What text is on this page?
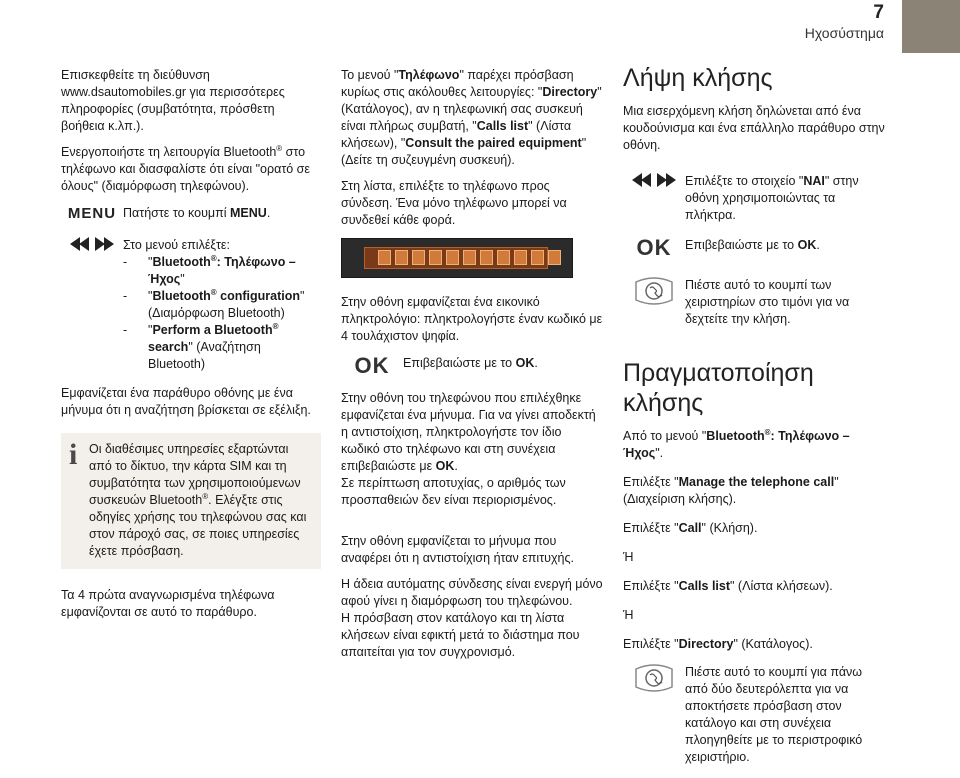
7
Ηχοσύστημα

Επισκεφθείτε τη διεύθυνση www.dsautomobiles.gr για περισσότερες πληροφορίες (συμβατότητα, πρόσθετη βοήθεια κ.λπ.).

Ενεργοποιήστε τη λειτουργία Bluetooth® στο τηλέφωνο και διασφαλίστε ότι είναι "ορατό σε όλους" (διαμόρφωση τηλεφώνου).

MENU Πατήστε το κουμπί MENU.
Στο μενού επιλέξτε:
-	"Bluetooth®: Τηλέφωνο – Ήχος"
-	"Bluetooth® configuration" (Διαμόρφωση Bluetooth)
-	"Perform a Bluetooth® search" (Αναζήτηση Bluetooth)

Εμφανίζεται ένα παράθυρο οθόνης με ένα μήνυμα ότι η αναζήτηση βρίσκεται σε εξέλιξη.

i Οι διαθέσιμες υπηρεσίες εξαρτώνται από το δίκτυο, την κάρτα SIM και τη συμβατότητα των χρησιμοποιούμενων συσκευών Bluetooth®. Ελέγξτε στις οδηγίες χρήσης του τηλεφώνου σας και στον πάροχό σας, σε ποιες υπηρεσίες έχετε πρόσβαση.

Τα 4 πρώτα αναγνωρισμένα τηλέφωνα εμφανίζονται σε αυτό το παράθυρο.

Το μενού "Τηλέφωνο" παρέχει πρόσβαση κυρίως στις ακόλουθες λειτουργίες: "Directory" (Κατάλογος), αν η τηλεφωνική σας συσκευή είναι πλήρως συμβατή, "Calls list" (Λίστα κλήσεων), "Consult the paired equipment" (Δείτε τη συζευγμένη συσκευή).

Στη λίστα, επιλέξτε το τηλέφωνο προς σύνδεση. Ένα μόνο τηλέφωνο μπορεί να συνδεθεί κάθε φορά.

Στην οθόνη εμφανίζεται ένα εικονικό πληκτρολόγιο: πληκτρολογήστε έναν κωδικό με 4 τουλάχιστον ψηφία.

OK Επιβεβαιώστε με το OK.

Στην οθόνη του τηλεφώνου που επιλέχθηκε εμφανίζεται ένα μήνυμα. Για να γίνει αποδεκτή η αντιστοίχιση, πληκτρολογήστε τον ίδιο κωδικό στο τηλέφωνο και στη συνέχεια επιβεβαιώστε με OK.

Σε περίπτωση αποτυχίας, ο αριθμός των προσπαθειών δεν είναι περιορισμένος.

Στην οθόνη εμφανίζεται το μήνυμα που αναφέρει ότι η αντιστοίχιση ήταν επιτυχής.

Η άδεια αυτόματης σύνδεσης είναι ενεργή μόνο αφού γίνει η διαμόρφωση του τηλεφώνου.

Η πρόσβαση στον κατάλογο και τη λίστα κλήσεων είναι εφικτή μετά το διάστημα που απαιτείται για τον συγχρονισμό.

Λήψη κλήσης

Μια εισερχόμενη κλήση δηλώνεται από ένα κουδούνισμα και ένα επάλληλο παράθυρο στην οθόνη.

Επιλέξτε το στοιχείο "NAI" στην οθόνη χρησιμοποιώντας τα πλήκτρα.
OK Επιβεβαιώστε με το OK.
Πιέστε αυτό το κουμπί των χειριστηρίων στο τιμόνι για να δεχτείτε την κλήση.
Πραγματοποίηση κλήσης

Από το μενού "Bluetooth®: Τηλέφωνο – Ήχος".

Επιλέξτε "Manage the telephone call" (Διαχείριση κλήσης).

Επιλέξτε "Call" (Κλήση).

Ή

Επιλέξτε "Calls list" (Λίστα κλήσεων).

Ή

Επιλέξτε "Directory" (Κατάλογος).

Πιέστε αυτό το κουμπί για πάνω από δύο δευτερόλεπτα για να αποκτήσετε πρόσβαση στον κατάλογο και στη συνέχεια πλοηγηθείτε με το περιστροφικό χειριστήριο.
